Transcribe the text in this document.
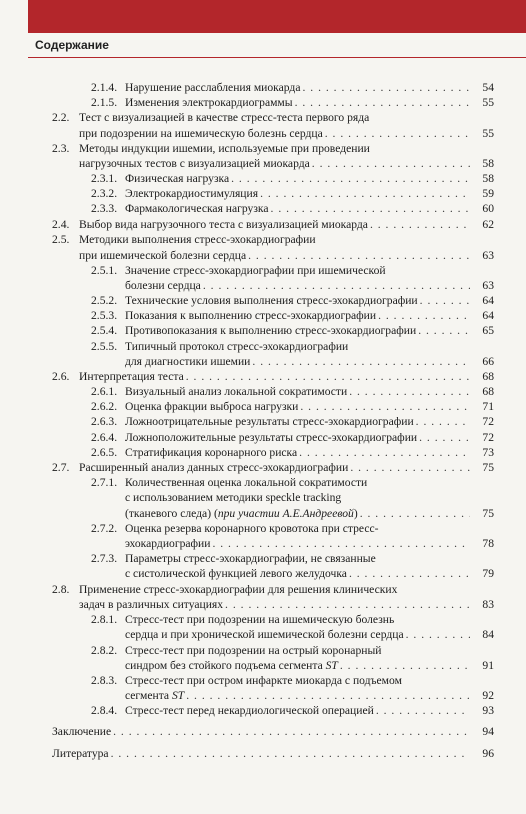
Содержание
2.1.4. Нарушение расслабления миокарда . . .	54
2.1.5. Изменения электрокардиограммы . . .	55
2.2. Тест с визуализацией в качестве стресс-теста первого ряда
при подозрении на ишемическую болезнь сердца . . .	55
2.3. Методы индукции ишемии, используемые при проведении
нагрузочных тестов с визуализацией миокарда . . .	58
2.3.1. Физическая нагрузка . . .	58
2.3.2. Электрокардиостимуляция . . .	59
2.3.3. Фармакологическая нагрузка . . .	60
2.4. Выбор вида нагрузочного теста с визуализацией миокарда . . .	62
2.5. Методики выполнения стресс-эхокардиографии
при ишемической болезни сердца . . .	63
2.5.1. Значение стресс-эхокардиографии при ишемической
болезни сердца . . .	63
2.5.2. Технические условия выполнения стресс-эхокардиографии . . .	64
2.5.3. Показания к выполнению стресс-эхокардиографии . . .	64
2.5.4. Противопоказания к выполнению стресс-эхокардиографии . . .	65
2.5.5. Типичный протокол стресс-эхокардиографии
для диагностики ишемии . . .	66
2.6. Интерпретация теста . . .	68
2.6.1. Визуальный анализ локальной сократимости . . .	68
2.6.2. Оценка фракции выброса нагрузки . . .	71
2.6.3. Ложноотрицательные результаты стресс-эхокардиографии . . .	72
2.6.4. Ложноположительные результаты стресс-эхокардиографии . . .	72
2.6.5. Стратификация коронарного риска . . .	73
2.7. Расширенный анализ данных стресс-эхокардиографии . . .	75
2.7.1. Количественная оценка локальной сократимости
с использованием методики speckle tracking
(тканевого следа) (при участии А.Е.Андреевой) . . .	75
2.7.2. Оценка резерва коронарного кровотока при стресс-
эхокардиографии . . .	78
2.7.3. Параметры стресс-эхокардиографии, не связанные
с систолической функцией левого желудочка . . .	79
2.8. Применение стресс-эхокардиографии для решения клинических
задач в различных ситуациях . . .	83
2.8.1. Стресс-тест при подозрении на ишемическую болезнь
сердца и при хронической ишемической болезни сердца . . .	84
2.8.2. Стресс-тест при подозрении на острый коронарный
синдром без стойкого подъема сегмента ST . . .	91
2.8.3. Стресс-тест при остром инфаркте миокарда с подъемом
сегмента ST . . .	92
2.8.4. Стресс-тест перед некардиологической операцией . . .	93
Заключение . . .	94
Литература . . .	96
